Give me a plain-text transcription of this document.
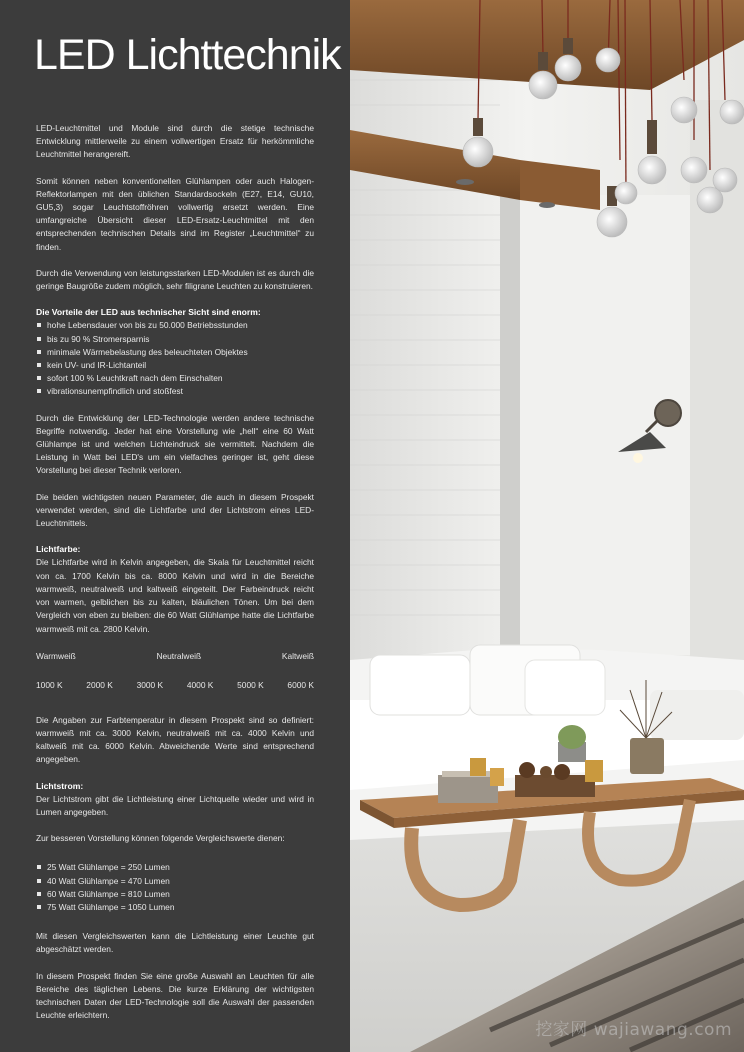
LED Lichttechnik

LED-Leuchtmittel und Module sind durch die stetige technische Entwicklung mittlerweile zu einem vollwertigen Ersatz für herkömmliche Leuchtmittel herangereift.

Somit können neben konventionellen Glühlampen oder auch Halogen-Reflektorlampen mit den üblichen Standardsockeln (E27, E14, GU10, GU5,3) sogar Leuchtstoffröhren vollwertig ersetzt werden. Eine umfangreiche Übersicht dieser LED-Ersatz-Leuchtmittel mit den entsprechenden technischen Details sind im Register „Leuchtmittel“ zu finden.

Durch die Verwendung von leistungsstarken LED-Modulen ist es durch die geringe Baugröße zudem möglich, sehr filigrane Leuchten zu konstruieren.

Die Vorteile der LED aus technischer Sicht sind enorm:

hohe Lebensdauer von bis zu 50.000 Betriebsstunden
bis zu 90 % Stromersparnis
minimale Wärmebelastung des beleuchteten Objektes
kein UV- und IR-Lichtanteil
sofort 100 % Leuchtkraft nach dem Einschalten
vibrationsunempfindlich und stoßfest

Durch die Entwicklung der LED-Technologie werden andere technische Begriffe notwendig. Jeder hat eine Vorstellung wie „hell“ eine 60 Watt Glühlampe ist und welchen Lichteindruck sie vermittelt. Nachdem die Leistung in Watt bei LED's um ein vielfaches geringer ist, geht diese Vorstellung bei dieser Technik verloren.

Die beiden wichtigsten neuen Parameter, die auch in diesem Prospekt verwendet werden, sind die Lichtfarbe und der Lichtstrom eines LED-Leuchtmittels.

Lichtfarbe:

Die Lichtfarbe wird in Kelvin angegeben, die Skala für Leuchtmittel reicht von ca. 1700 Kelvin bis ca. 8000 Kelvin und wird in die Bereiche warmweiß, neutralweiß und kaltweiß eingeteilt. Der Farbeindruck reicht von warmen, gelblichen bis zu kalten, bläulichen Tönen. Um bei dem Vergleich von eben zu bleiben: die 60 Watt Glühlampe hatte die Lichtfarbe warmweiß mit ca. 2800 Kelvin.

Warmweiß	Neutralweiß	Kaltweiß
1000 K	2000 K	3000 K	4000 K	5000 K	6000 K

Die Angaben zur Farbtemperatur in diesem Prospekt sind so definiert: warmweiß mit ca. 3000 Kelvin, neutralweiß mit ca. 4000 Kelvin und kaltweiß mit ca. 6000 Kelvin. Abweichende Werte sind entsprechend angegeben.

Lichtstrom:

Der Lichtstrom gibt die Lichtleistung einer Lichtquelle wieder und wird in Lumen angegeben.

Zur besseren Vorstellung können folgende Vergleichswerte dienen:

25 Watt Glühlampe = 250 Lumen
40 Watt Glühlampe = 470 Lumen
60 Watt Glühlampe = 810 Lumen
75 Watt Glühlampe = 1050 Lumen

Mit diesen Vergleichswerten kann die Lichtleistung einer Leuchte gut abgeschätzt werden.

In diesem Prospekt finden Sie eine große Auswahl an Leuchten für alle Bereiche des täglichen Lebens. Die kurze Erklärung der wichtigsten technischen Daten der LED-Technologie soll die Auswahl der passenden Leuchte erleichtern.

挖家网 wajiawang.com
